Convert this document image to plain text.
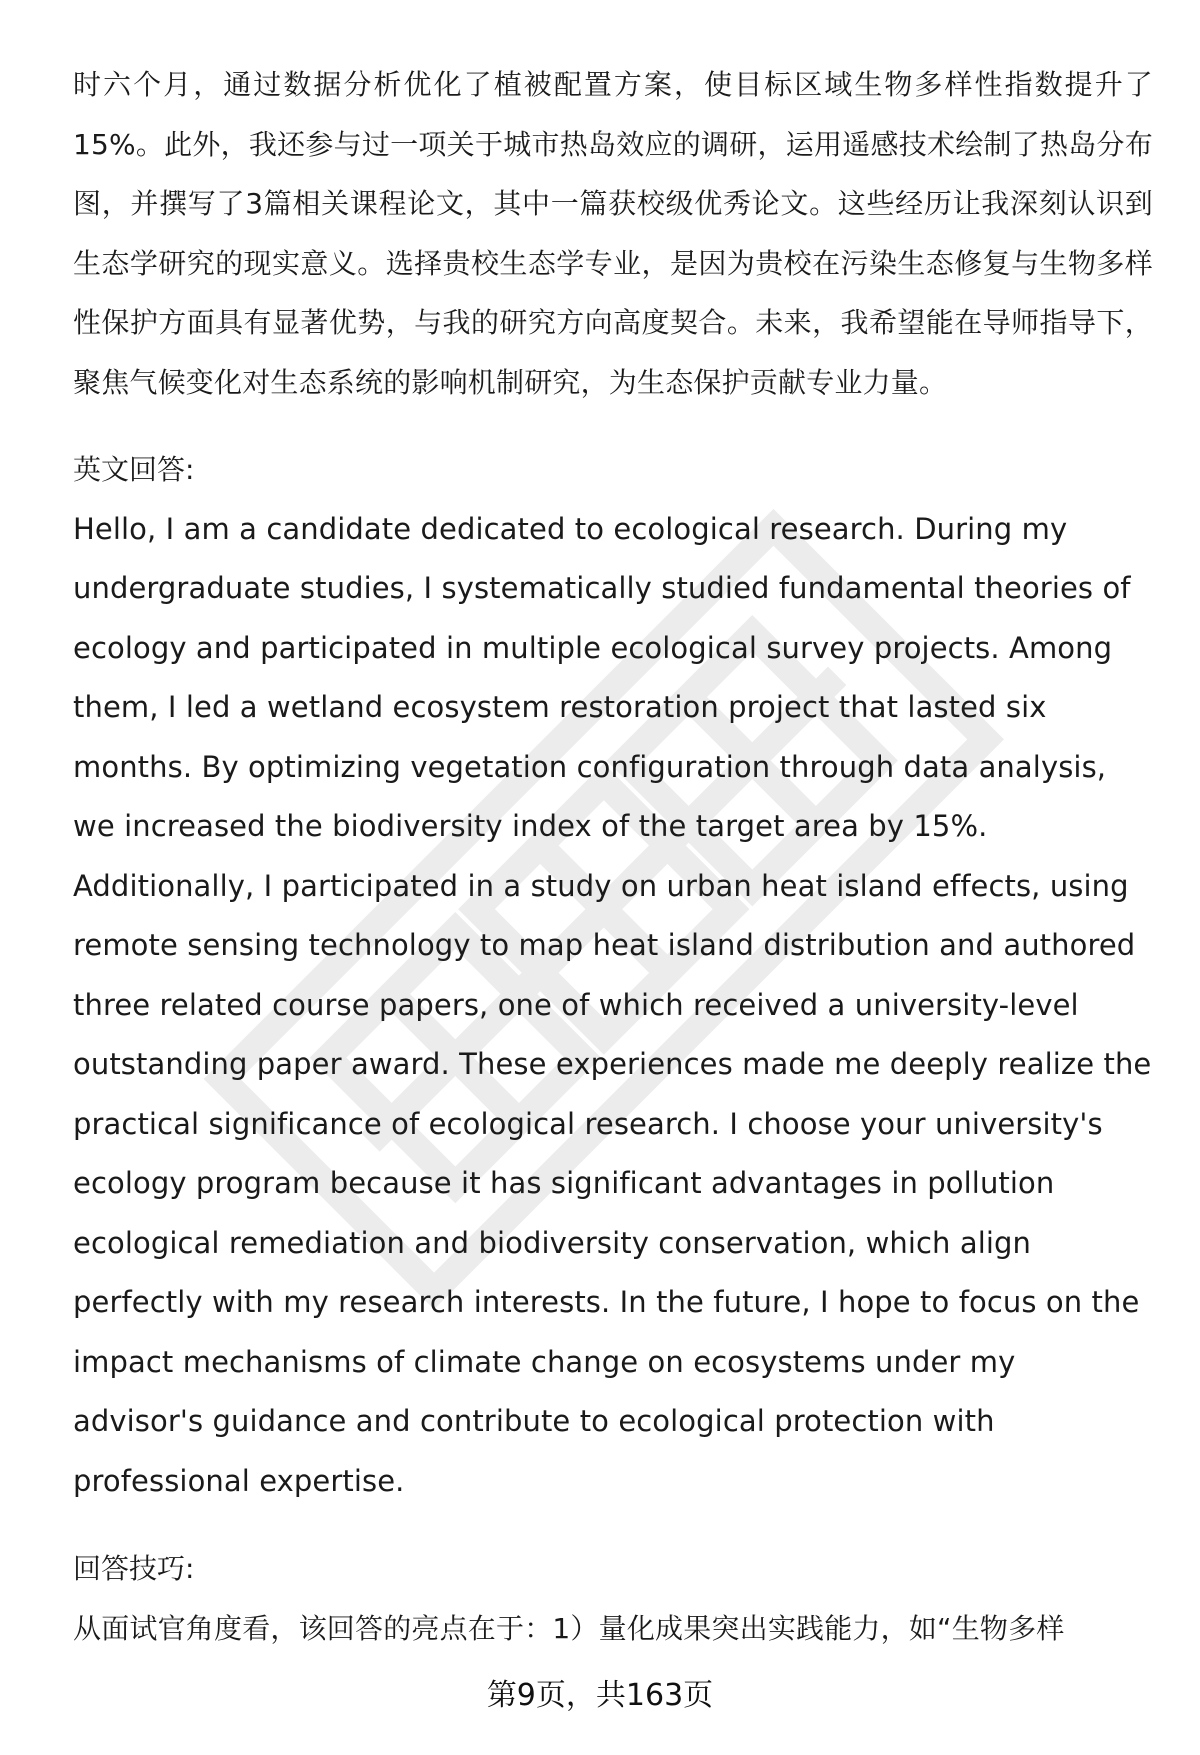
时六个月，通过数据分析优化了植被配置方案，使目标区域生物多样性指数提升了15%。此外，我还参与过一项关于城市热岛效应的调研，运用遥感技术绘制了热岛分布图，并撰写了3篇相关课程论文，其中一篇获校级优秀论文。这些经历让我深刻认识到生态学研究的现实意义。选择贵校生态学专业，是因为贵校在污染生态修复与生物多样性保护方面具有显著优势，与我的研究方向高度契合。未来，我希望能在导师指导下，聚焦气候变化对生态系统的影响机制研究，为生态保护贡献专业力量。

英文回答:

Hello, I am a candidate dedicated to ecological research. During my undergraduate studies, I systematically studied fundamental theories of ecology and participated in multiple ecological survey projects. Among them, I led a wetland ecosystem restoration project that lasted six months. By optimizing vegetation configuration through data analysis, we increased the biodiversity index of the target area by 15%. Additionally, I participated in a study on urban heat island effects, using remote sensing technology to map heat island distribution and authored three related course papers, one of which received a university-level outstanding paper award. These experiences made me deeply realize the practical significance of ecological research. I choose your university's ecology program because it has significant advantages in pollution ecological remediation and biodiversity conservation, which align perfectly with my research interests. In the future, I hope to focus on the impact mechanisms of climate change on ecosystems under my advisor's guidance and contribute to ecological protection with professional expertise.

回答技巧:

从面试官角度看，该回答的亮点在于：1）量化成果突出实践能力，如“生物多样

第9页，共163页
